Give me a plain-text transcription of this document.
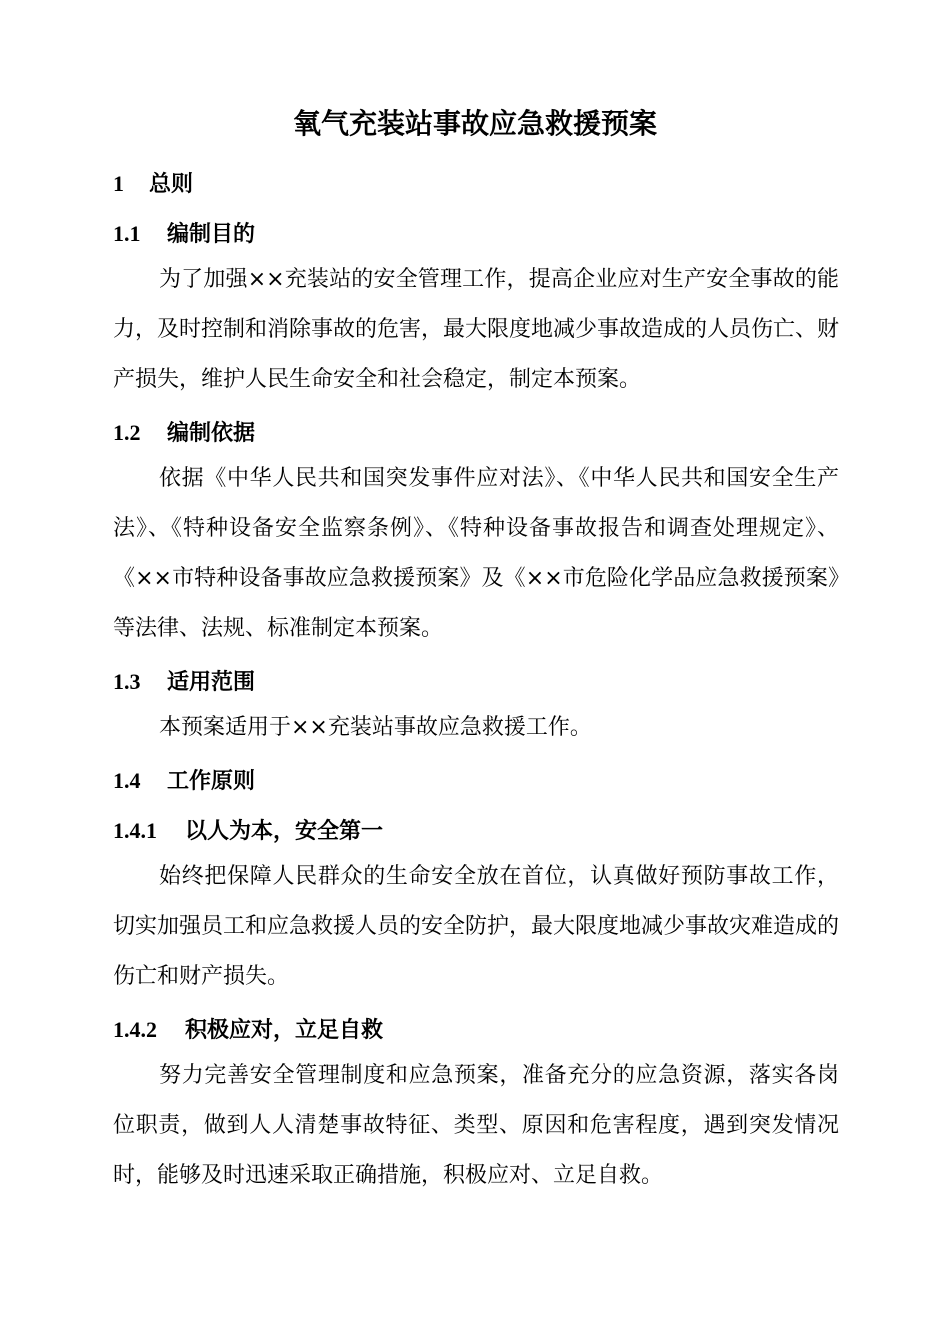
氧气充装站事故应急救援预案
1 总则
1.1 编制目的

为了加强××充装站的安全管理工作，提高企业应对生产安全事故的能力，及时控制和消除事故的危害，最大限度地减少事故造成的人员伤亡、财产损失，维护人民生命安全和社会稳定，制定本预案。

1.2 编制依据

依据《中华人民共和国突发事件应对法》、《中华人民共和国安全生产法》、《特种设备安全监察条例》、《特种设备事故报告和调查处理规定》、《××市特种设备事故应急救援预案》及《××市危险化学品应急救援预案》等法律、法规、标准制定本预案。

1.3 适用范围

本预案适用于××充装站事故应急救援工作。

1.4 工作原则
1.4.1 以人为本，安全第一

始终把保障人民群众的生命安全放在首位，认真做好预防事故工作，切实加强员工和应急救援人员的安全防护，最大限度地减少事故灾难造成的伤亡和财产损失。

1.4.2 积极应对，立足自救

努力完善安全管理制度和应急预案，准备充分的应急资源，落实各岗位职责，做到人人清楚事故特征、类型、原因和危害程度，遇到突发情况时，能够及时迅速采取正确措施，积极应对、立足自救。
